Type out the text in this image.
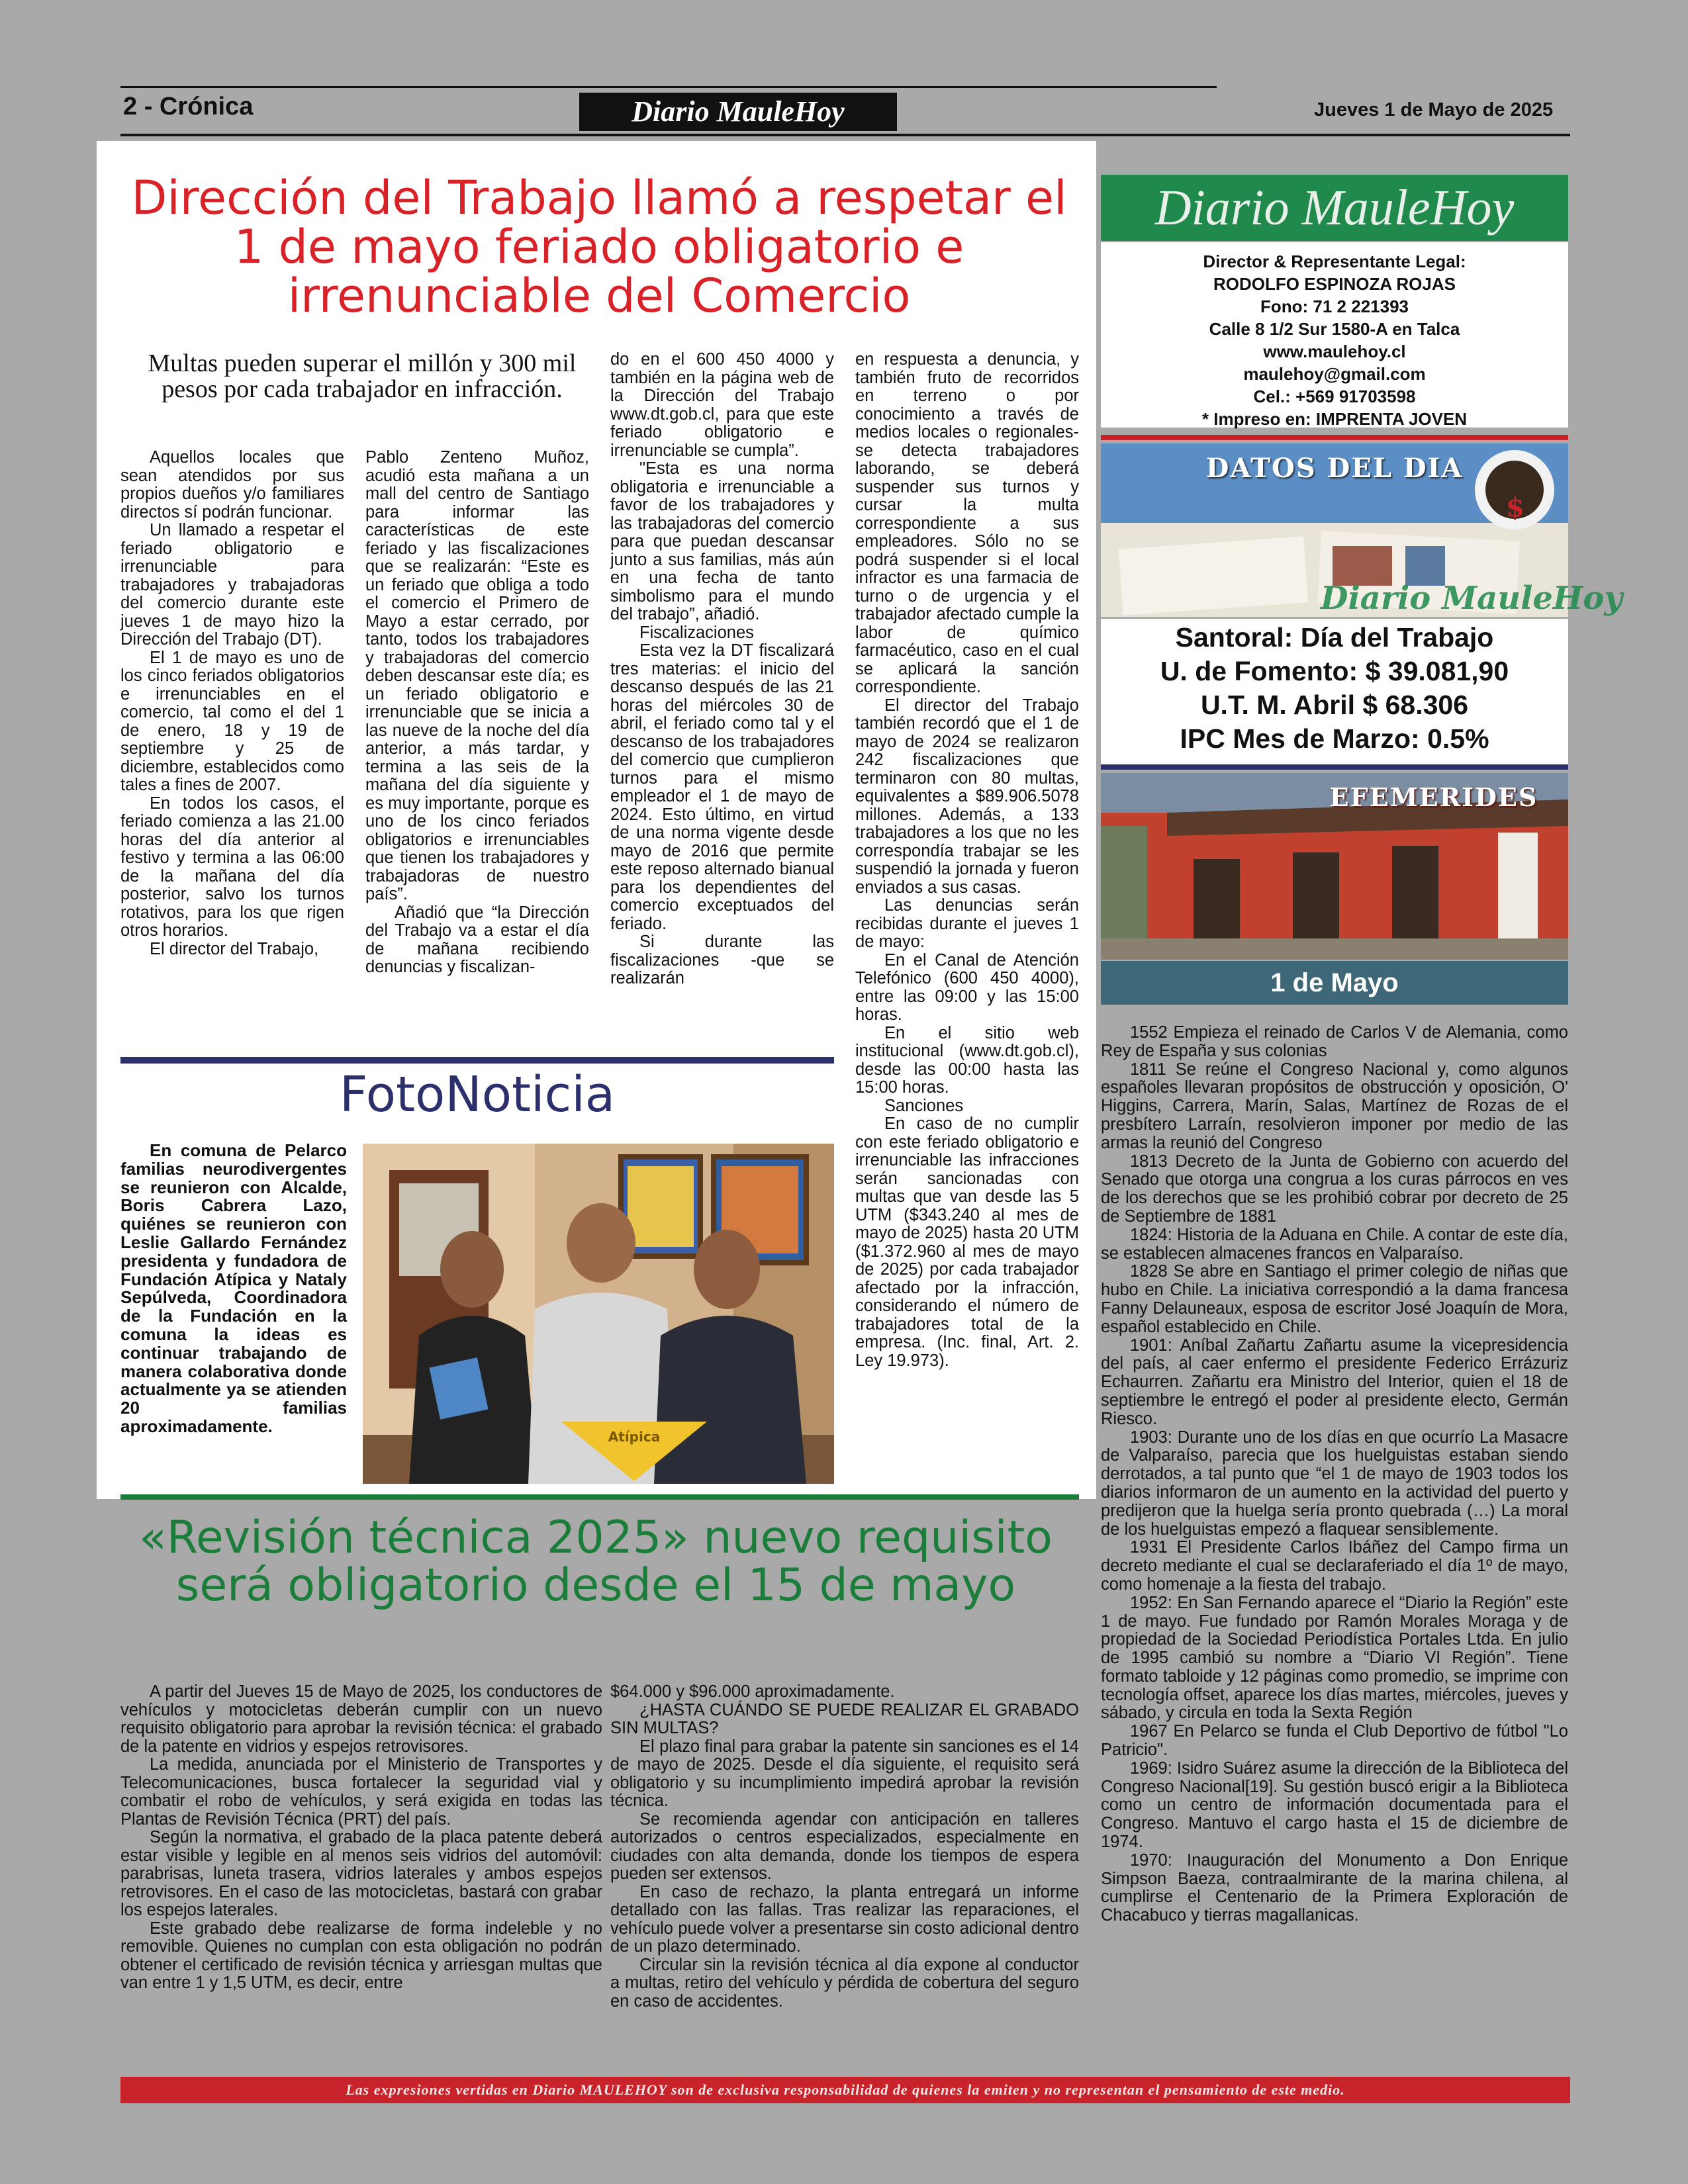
2 - Crónica	Diario MauleHoy	Jueves 1 de Mayo de 2025
Dirección del Trabajo llamó a respetar el 1 de mayo feriado obligatorio e irrenunciable del Comercio
Multas pueden superar el millón y 300 mil pesos por cada trabajador en infracción.

Aquellos locales que sean atendidos por sus propios dueños y/o familiares directos sí podrán funcionar.

Un llamado a respetar el feriado obligatorio e irrenunciable para trabajadores y trabajadoras del comercio durante este jueves 1 de mayo hizo la Dirección del Trabajo (DT).

El 1 de mayo es uno de los cinco feriados obligatorios e irrenunciables en el comercio, tal como el del 1 de enero, 18 y 19 de septiembre y 25 de diciembre, establecidos como tales a fines de 2007.

En todos los casos, el feriado comienza a las 21.00 horas del día anterior al festivo y termina a las 06:00 de la mañana del día posterior, salvo los turnos rotativos, para los que rigen otros horarios.

El director del Trabajo,

Pablo Zenteno Muñoz, acudió esta mañana a un mall del centro de Santiago para informar las características de este feriado y las fiscalizaciones que se realizarán: “Este es un feriado que obliga a todo el comercio el Primero de Mayo a estar cerrado, por tanto, todos los trabajadores y trabajadoras del comercio deben descansar este día; es un feriado obligatorio e irrenunciable que se inicia a las nueve de la noche del día anterior, a más tardar, y termina a las seis de la mañana del día siguiente y es muy importante, porque es uno de los cinco feriados obligatorios e irrenunciables que tienen los trabajadores y trabajadoras de nuestro país”.

Añadió que “la Dirección del Trabajo va a estar el día de mañana recibiendo denuncias y fiscalizan-

do en el 600 450 4000 y también en la página web de la Dirección del Trabajo www.dt.gob.cl, para que este feriado obligatorio e irrenunciable se cumpla”.

"Esta es una norma obligatoria e irrenunciable a favor de los trabajadores y las trabajadoras del comercio para que puedan descansar junto a sus familias, más aún en una fecha de tanto simbolismo para el mundo del trabajo”, añadió.

Fiscalizaciones

Esta vez la DT fiscalizará tres materias: el inicio del descanso después de las 21 horas del miércoles 30 de abril, el feriado como tal y el descanso de los trabajadores del comercio que cumplieron turnos para el mismo empleador el 1 de mayo de 2024. Esto último, en virtud de una norma vigente desde mayo de 2016 que permite este reposo alternado bianual para los dependientes del comercio exceptuados del feriado.

Si durante las fiscalizaciones -que se realizarán

en respuesta a denuncia, y también fruto de recorridos en terreno o por conocimiento a través de medios locales o regionales- se detecta trabajadores laborando, se deberá suspender sus turnos y cursar la multa correspondiente a sus empleadores. Sólo no se podrá suspender si el local infractor es una farmacia de turno o de urgencia y el trabajador afectado cumple la labor de químico farmacéutico, caso en el cual se aplicará la sanción correspondiente.

El director del Trabajo también recordó que el 1 de mayo de 2024 se realizaron 242 fiscalizaciones que terminaron con 80 multas, equivalentes a $89.906.5078 millones. Además, a 133 trabajadores a los que no les correspondía trabajar se les suspendió la jornada y fueron enviados a sus casas.

Las denuncias serán recibidas durante el jueves 1 de mayo:

En el Canal de Atención Telefónico (600 450 4000), entre las 09:00 y las 15:00 horas.

En el sitio web institucional (www.dt.gob.cl), desde las 00:00 hasta las 15:00 horas.

Sanciones

En caso de no cumplir con este feriado obligatorio e irrenunciable las infracciones serán sancionadas con multas que van desde las 5 UTM ($343.240 al mes de mayo de 2025) hasta 20 UTM ($1.372.960 al mes de mayo de 2025) por cada trabajador afectado por la infracción, considerando el número de trabajadores total de la empresa. (Inc. final, Art. 2. Ley 19.973).

FotoNoticia
En comuna de Pelarco familias neurodivergentes se reunieron con Alcalde, Boris Cabrera Lazo, quiénes se reunieron con Leslie Gallardo Fernández presidenta y fundadora de Fundación Atípica y Nataly Sepúlveda, Coordinadora de la Fundación en la comuna la ideas es continuar trabajando de manera colaborativa donde actualmente ya se atienden 20 familias aproximadamente.
Atípica
«Revisión técnica 2025» nuevo requisito será obligatorio desde el 15 de mayo

A partir del Jueves 15 de Mayo de 2025, los conductores de vehículos y motocicletas deberán cumplir con un nuevo requisito obligatorio para aprobar la revisión técnica: el grabado de la patente en vidrios y espejos retrovisores.

La medida, anunciada por el Ministerio de Transportes y Telecomunicaciones, busca fortalecer la seguridad vial y combatir el robo de vehículos, y será exigida en todas las Plantas de Revisión Técnica (PRT) del país.

Según la normativa, el grabado de la placa patente deberá estar visible y legible en al menos seis vidrios del automóvil: parabrisas, luneta trasera, vidrios laterales y ambos espejos retrovisores. En el caso de las motocicletas, bastará con grabar los espejos laterales.

Este grabado debe realizarse de forma indeleble y no removible. Quienes no cumplan con esta obligación no podrán obtener el certificado de revisión técnica y arriesgan multas que van entre 1 y 1,5 UTM, es decir, entre

$64.000 y $96.000 aproximadamente.

¿HASTA CUÁNDO SE PUEDE REALIZAR EL GRABADO SIN MULTAS?

El plazo final para grabar la patente sin sanciones es el 14 de mayo de 2025. Desde el día siguiente, el requisito será obligatorio y su incumplimiento impedirá aprobar la revisión técnica.

Se recomienda agendar con anticipación en talleres autorizados o centros especializados, especialmente en ciudades con alta demanda, donde los tiempos de espera pueden ser extensos.

En caso de rechazo, la planta entregará un informe detallado con las fallas. Tras realizar las reparaciones, el vehículo puede volver a presentarse sin costo adicional dentro de un plazo determinado.

Circular sin la revisión técnica al día expone al conductor a multas, retiro del vehículo y pérdida de cobertura del seguro en caso de accidentes.

Diario MauleHoy
Director & Representante Legal:
RODOLFO ESPINOZA ROJAS
Fono: 71 2 221393
Calle 8 1/2 Sur 1580-A en Talca
www.maulehoy.cl
maulehoy@gmail.com
Cel.: +569 91703598
* Impreso en: IMPRENTA JOVEN
$
Diario MauleHoy
DATOS DEL DIA
Santoral: Día del Trabajo
U. de Fomento: $ 39.081,90
U.T. M. Abril $ 68.306
IPC Mes de Marzo: 0.5%
EFEMERIDES
1 de Mayo

1552 Empieza el reinado de Carlos V de Alemania, como Rey de España y sus colonias

1811 Se reúne el Congreso Nacional y, como algunos españoles llevaran propósitos de obstrucción y oposición, O' Higgins, Carrera, Marín, Salas, Martínez de Rozas de el presbítero Larraín, resolvieron imponer por medio de las armas la reunió del Congreso

1813 Decreto de la Junta de Gobierno con acuerdo del Senado que otorga una congrua a los curas párrocos en ves de los derechos que se les prohibió cobrar por decreto de 25 de Septiembre de 1881

1824: Historia de la Aduana en Chile. A contar de este día, se establecen almacenes francos en Valparaíso.

1828 Se abre en Santiago el primer colegio de niñas que hubo en Chile. La iniciativa correspondió a la dama francesa Fanny Delauneaux, esposa de escritor José Joaquín de Mora, español establecido en Chile.

1901: Aníbal Zañartu Zañartu asume la vicepresidencia del país, al caer enfermo el presidente Federico Errázuriz Echaurren. Zañartu era Ministro del Interior, quien el 18 de septiembre le entregó el poder al presidente electo, Germán Riesco.

1903: Durante uno de los días en que ocurrío La Masacre de Valparaíso, parecia que los huelguistas estaban siendo derrotados, a tal punto que “el 1 de mayo de 1903 todos los diarios informaron de un aumento en la actividad del puerto y predijeron que la huelga sería pronto quebrada (…) La moral de los huelguistas empezó a flaquear sensiblemente.

1931 El Presidente Carlos Ibáñez del Campo firma un decreto mediante el cual se declaraferiado el día 1º de mayo, como homenaje a la fiesta del trabajo.

1952: En San Fernando aparece el “Diario la Región” este 1 de mayo. Fue fundado por Ramón Morales Moraga y de propiedad de la Sociedad Periodística Portales Ltda. En julio de 1995 cambió su nombre a “Diario VI Región”. Tiene formato tabloide y 12 páginas como promedio, se imprime con tecnología offset, aparece los días martes, miércoles, jueves y sábado, y circula en toda la Sexta Región

1967 En Pelarco se funda el Club Deportivo de fútbol "Lo Patricio".

1969: Isidro Suárez asume la dirección de la Biblioteca del Congreso Nacional[19]. Su gestión buscó erigir a la Biblioteca como un centro de información documentada para el Congreso. Mantuvo el cargo hasta el 15 de diciembre de 1974.

1970: Inauguración del Monumento a Don Enrique Simpson Baeza, contraalmirante de la marina chilena, al cumplirse el Centenario de la Primera Exploración de Chacabuco y tierras magallanicas.

Las expresiones vertidas en Diario MAULEHOY son de exclusiva responsabilidad de quienes la emiten y no representan el pensamiento de este medio.
